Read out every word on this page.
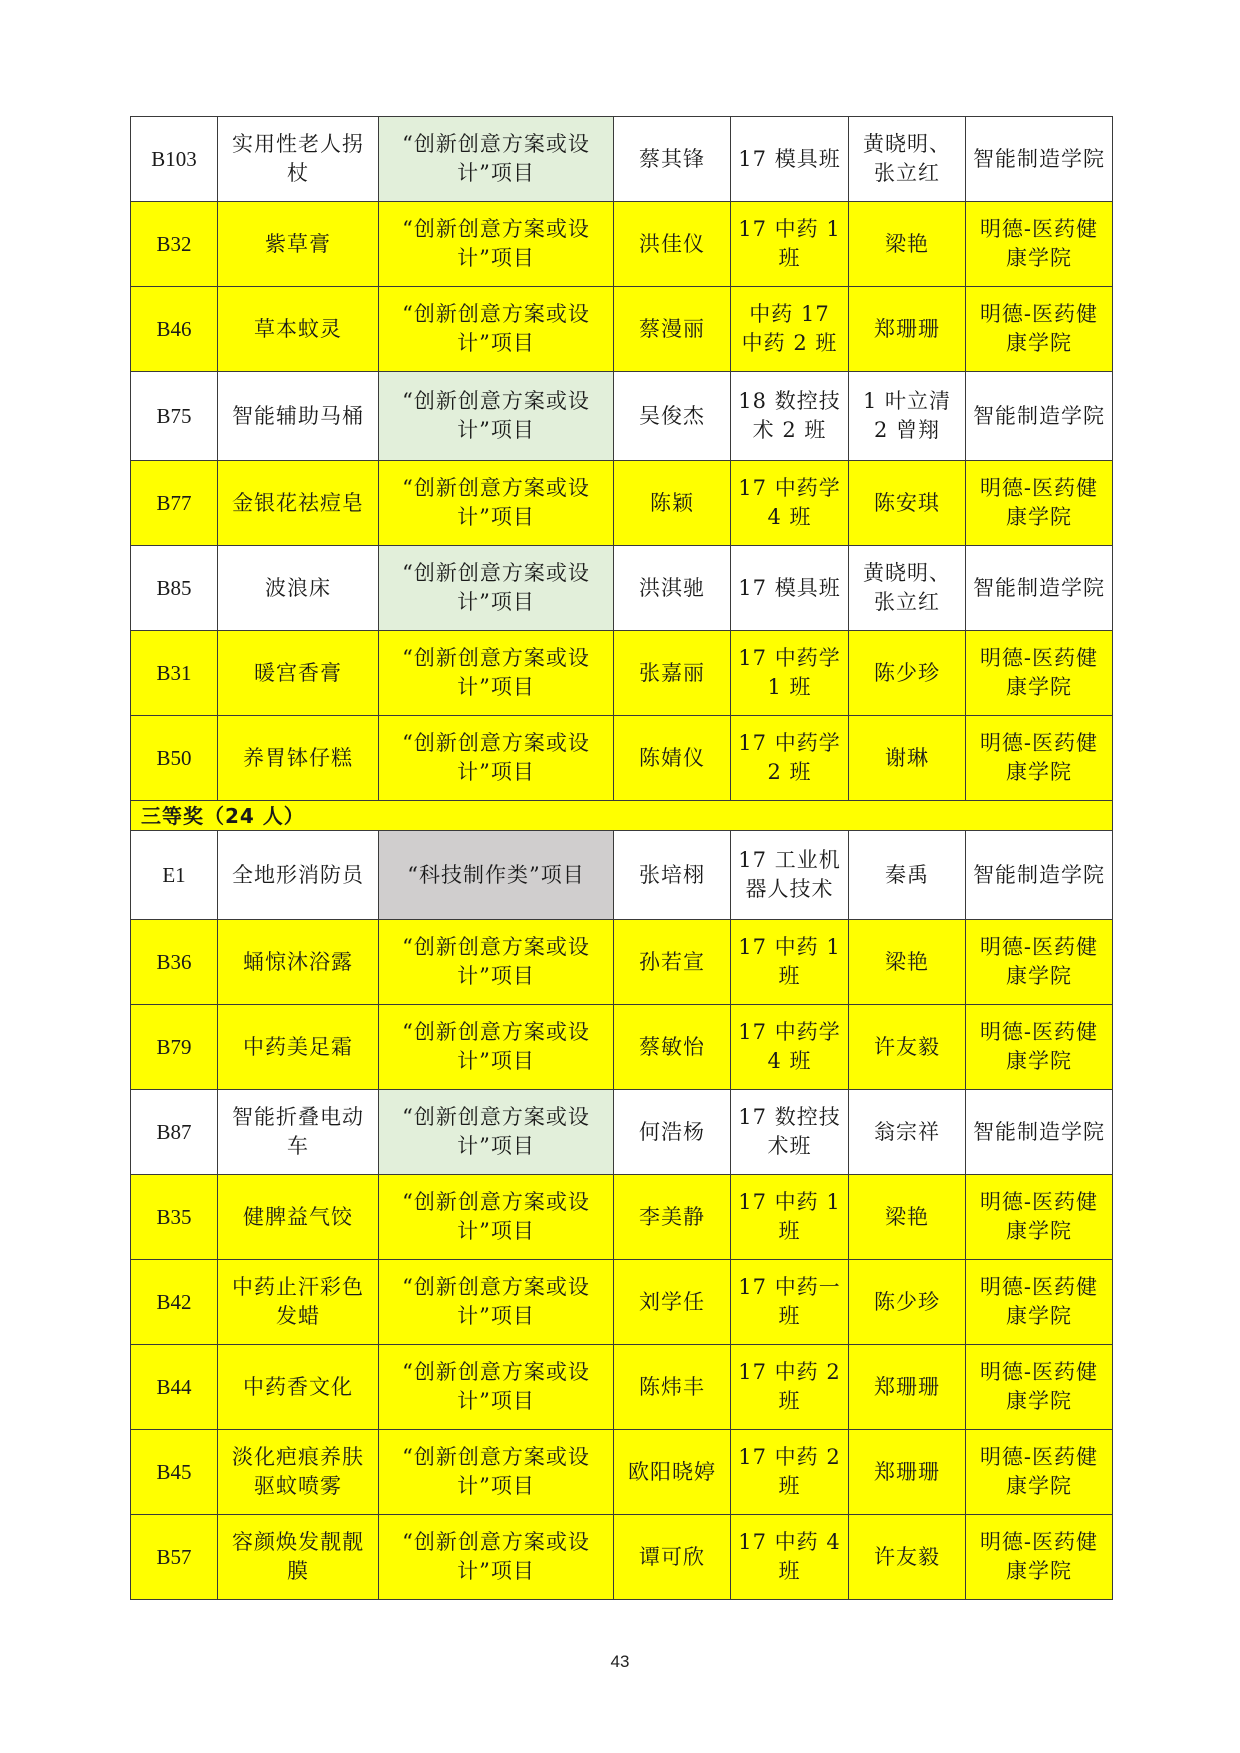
B103	实用性老人拐杖	“创新创意方案或设计”项目	蔡其锋	17 模具班	黄晓明、张立红	智能制造学院
B32	紫草膏	“创新创意方案或设计”项目	洪佳仪	17 中药 1 班	梁艳	明德-医药健康学院
B46	草本蚊灵	“创新创意方案或设计”项目	蔡漫丽	中药 17 中药 2 班	郑珊珊	明德-医药健康学院
B75	智能辅助马桶	“创新创意方案或设计”项目	吴俊杰	18 数控技术 2 班	1 叶立清 2 曾翔	智能制造学院
B77	金银花祛痘皂	“创新创意方案或设计”项目	陈颖	17 中药学 4 班	陈安琪	明德-医药健康学院
B85	波浪床	“创新创意方案或设计”项目	洪淇驰	17 模具班	黄晓明、张立红	智能制造学院
B31	暖宫香膏	“创新创意方案或设计”项目	张嘉丽	17 中药学 1 班	陈少珍	明德-医药健康学院
B50	养胃钵仔糕	“创新创意方案或设计”项目	陈婧仪	17 中药学 2 班	谢琳	明德-医药健康学院
三等奖（24 人）						
E1	全地形消防员	“科技制作类”项目	张培栩	17 工业机器人技术	秦禹	智能制造学院
B36	蛹惊沐浴露	“创新创意方案或设计”项目	孙若宣	17 中药 1 班	梁艳	明德-医药健康学院
B79	中药美足霜	“创新创意方案或设计”项目	蔡敏怡	17 中药学 4 班	许友毅	明德-医药健康学院
B87	智能折叠电动车	“创新创意方案或设计”项目	何浩杨	17 数控技术班	翁宗祥	智能制造学院
B35	健脾益气饺	“创新创意方案或设计”项目	李美静	17 中药 1 班	梁艳	明德-医药健康学院
B42	中药止汗彩色发蜡	“创新创意方案或设计”项目	刘学任	17 中药一班	陈少珍	明德-医药健康学院
B44	中药香文化	“创新创意方案或设计”项目	陈炜丰	17 中药 2 班	郑珊珊	明德-医药健康学院
B45	淡化疤痕养肤驱蚊喷雾	“创新创意方案或设计”项目	欧阳晓婷	17 中药 2 班	郑珊珊	明德-医药健康学院
B57	容颜焕发靓靓膜	“创新创意方案或设计”项目	谭可欣	17 中药 4 班	许友毅	明德-医药健康学院
43
